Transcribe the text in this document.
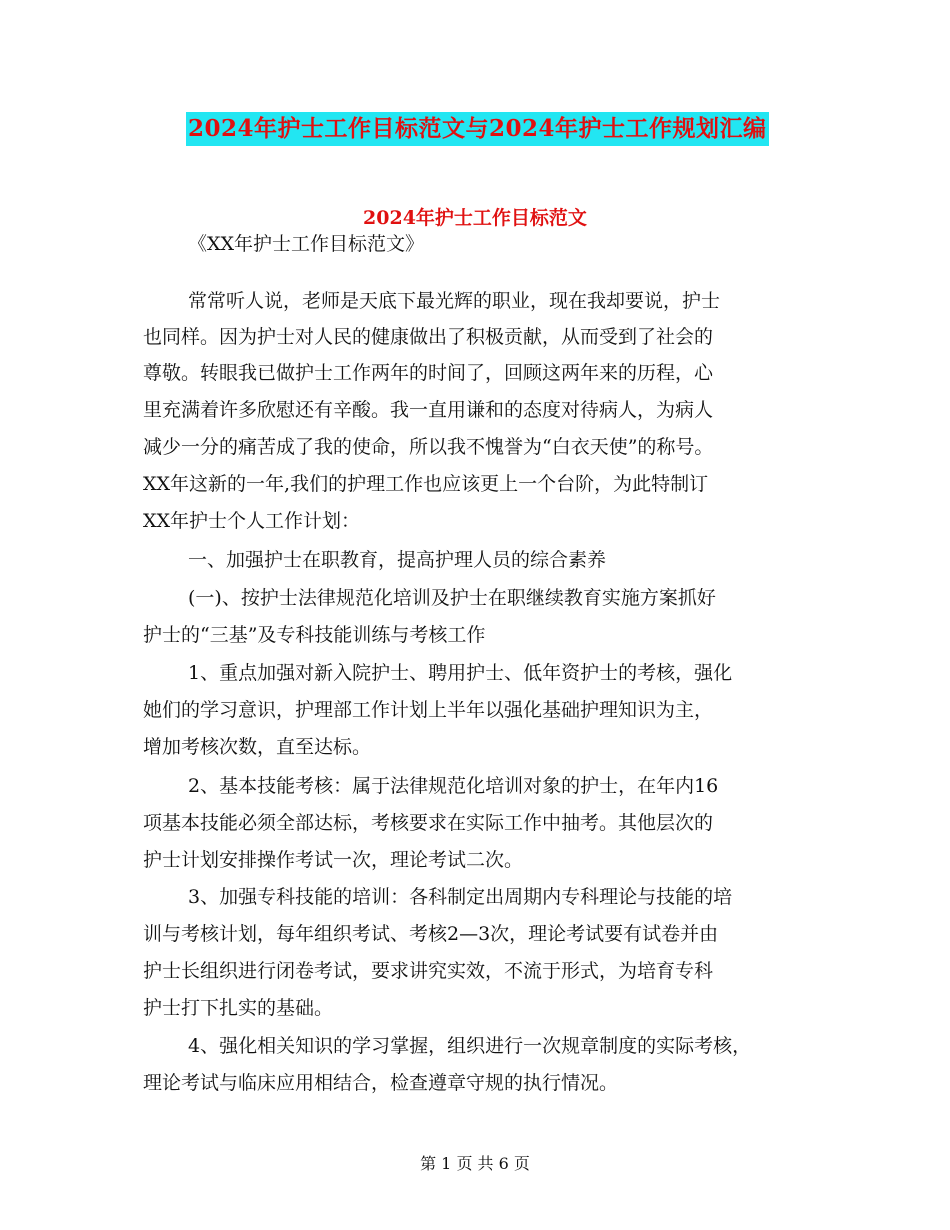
2024年护士工作目标范文与2024年护士工作规划汇编
2024年护士工作目标范文
《XX年护士工作目标范文》
常常听人说，老师是天底下最光辉的职业，现在我却要说，护士
也同样。因为护士对人民的健康做出了积极贡献，从而受到了社会的
尊敬。转眼我已做护士工作两年的时间了，回顾这两年来的历程，心
里充满着许多欣慰还有辛酸。我一直用谦和的态度对待病人，为病人
减少一分的痛苦成了我的使命，所以我不愧誉为“白衣天使”的称号。
XX年这新的一年,我们的护理工作也应该更上一个台阶，为此特制订
XX年护士个人工作计划：
一、加强护士在职教育，提高护理人员的综合素养
(一)、按护士法律规范化培训及护士在职继续教育实施方案抓好
护士的“三基”及专科技能训练与考核工作
1、重点加强对新入院护士、聘用护士、低年资护士的考核，强化
她们的学习意识，护理部工作计划上半年以强化基础护理知识为主，
增加考核次数，直至达标。
2、基本技能考核：属于法律规范化培训对象的护士，在年内16
项基本技能必须全部达标，考核要求在实际工作中抽考。其他层次的
护士计划安排操作考试一次，理论考试二次。
3、加强专科技能的培训：各科制定出周期内专科理论与技能的培
训与考核计划，每年组织考试、考核2—3次，理论考试要有试卷并由
护士长组织进行闭卷考试，要求讲究实效，不流于形式，为培育专科
护士打下扎实的基础。
4、强化相关知识的学习掌握，组织进行一次规章制度的实际考核，
理论考试与临床应用相结合，检查遵章守规的执行情况。
第 1 页 共 6 页
